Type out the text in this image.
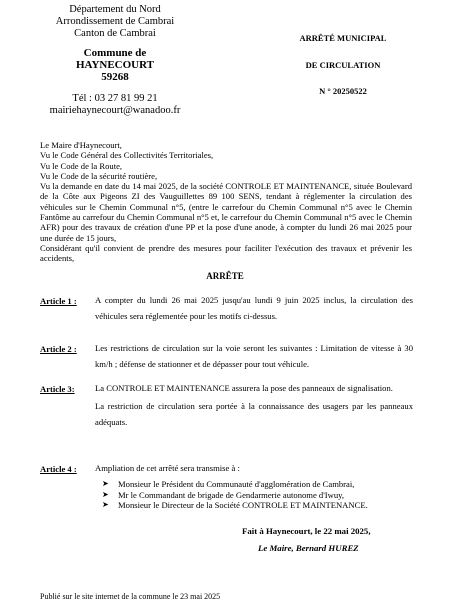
Département du Nord
Arrondissement de Cambrai
Canton de Cambrai
Commune de
HAYNECOURT
59268
Tél : 03 27 81 99 21
mairiehaynecourt@wanadoo.fr
ARRÊTÉ MUNICIPAL
DE CIRCULATION
N ° 20250522

Le Maire d'Haynecourt,

Vu le Code Général des Collectivités Territoriales,

Vu le Code de la Route,

Vu le Code de la sécurité routière,

Vu la demande en date du 14 mai 2025, de la société CONTROLE ET MAINTENANCE, située Boulevard de la Côte aux Pigeons ZI des Vauguillettes 89 100 SENS, tendant à réglementer la circulation des véhicules sur le Chemin Communal n°5, (entre le carrefour du Chemin Communal n°5 avec le Chemin Fantôme au carrefour du Chemin Communal n°5 et, le carrefour du Chemin Communal n°5 avec le Chemin AFR) pour des travaux de création d'une PP et la pose d'une anode, à compter du lundi 26 mai 2025 pour une durée de 15 jours,

Considérant qu'il convient de prendre des mesures pour faciliter l'exécution des travaux et prévenir les accidents,

ARRÊTE
Article 1 : A compter du lundi 26 mai 2025 jusqu'au lundi 9 juin 2025 inclus, la circulation des véhicules sera réglementée pour les motifs ci-dessus.

Article 2 : Les restrictions de circulation sur la voie seront les suivantes : Limitation de vitesse à 30 km/h ; défense de stationner et de dépasser pour tout véhicule.

Article 3: La CONTROLE ET MAINTENANCE assurera la pose des panneaux de signalisation.

La restriction de circulation sera portée à la connaissance des usagers par les panneaux adéquats.

Article 4 : Ampliation de cet arrêté sera transmise à :

➤ Monsieur le Président du Communauté d'agglomération de Cambrai,
➤ Mr le Commandant de brigade de Gendarmerie autonome d'Iwuy,
➤ Monsieur le Directeur de la Société CONTROLE ET MAINTENANCE.
Fait à Haynecourt, le 22 mai 2025,
Le Maire, Bernard HUREZ
Publié sur le site internet de la commune le 23 mai 2025
